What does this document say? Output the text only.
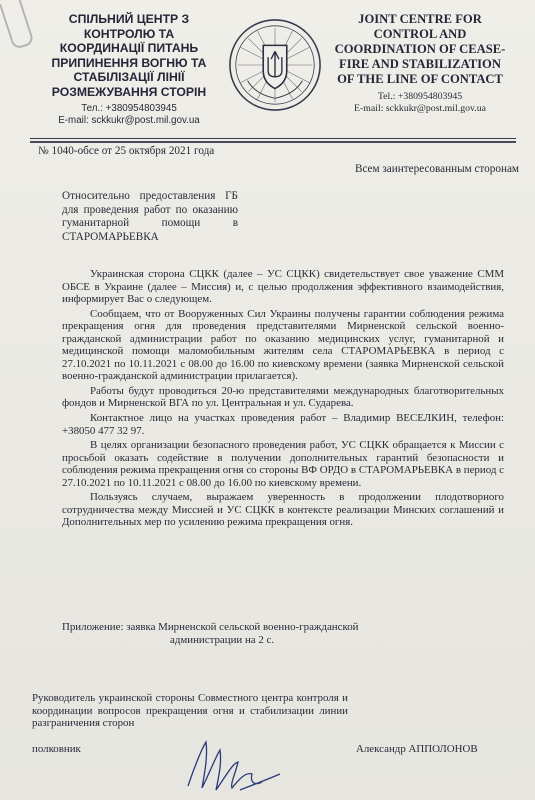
СПІЛЬНИЙ ЦЕНТР З КОНТРОЛЮ ТА КООРДИНАЦІЇ ПИТАНЬ ПРИПИНЕННЯ ВОГНЮ ТА СТАБІЛІЗАЦІЇ ЛІНІЇ РОЗМЕЖУВАННЯ СТОРІН
Тел.: +380954803945
E-mail: sckkukr@post.mil.gov.ua
JOINT CENTRE FOR CONTROL AND COORDINATION OF CEASE-FIRE AND STABILIZATION OF THE LINE OF CONTACT
Tel.: +380954803945
E-mail: sckkukr@post.mil.gov.ua
№ 1040-обсе от 25 октября 2021 года
Всем заинтересованным сторонам
Относительно предоставления ГБ для проведения работ по оказанию гуманитарной помощи в СТАРОМАРЬЕВКА

Украинская сторона СЦКК (далее – УС СЦКК) свидетельствует свое уважение СММ ОБСЕ в Украине (далее – Миссия) и, с целью продолжения эффективного взаимодействия, информирует Вас о следующем.

Сообщаем, что от Вооруженных Сил Украины получены гарантии соблюдения режима прекращения огня для проведения представителями Мирненской сельской военно-гражданской администрации работ по оказанию медицинских услуг, гуманитарной и медицинской помощи маломобильным жителям села СТАРОМАРЬЕВКА в период с 27.10.2021 по 10.11.2021 с 08.00 до 16.00 по киевскому времени (заявка Мирненской сельской военно-гражданской администрации прилагается).

Работы будут проводиться 20-ю представителями международных благотворительных фондов и Мирненской ВГА по ул. Центральная и ул. Сударева.

Контактное лицо на участках проведения работ – Владимир ВЕСЕЛКИН, телефон: +38050 477 32 97.

В целях организации безопасного проведения работ, УС СЦКК обращается к Миссии с просьбой оказать содействие в получении дополнительных гарантий безопасности и соблюдения режима прекращения огня со стороны ВФ ОРДО в СТАРОМАРЬЕВКА в период с 27.10.2021 по 10.11.2021 с 08.00 до 16.00 по киевскому времени.

Пользуясь случаем, выражаем уверенность в продолжении плодотворного сотрудничества между Миссией и УС СЦКК в контексте реализации Минских соглашений и Дополнительных мер по усилению режима прекращения огня.

Приложение: заявка Мирненской сельской военно-гражданской
администрации на 2 с.
Руководитель украинской стороны Совместного центра контроля и координации вопросов прекращения огня и стабилизации линии разграничения сторон
полковник	Александр АППОЛОНОВ
